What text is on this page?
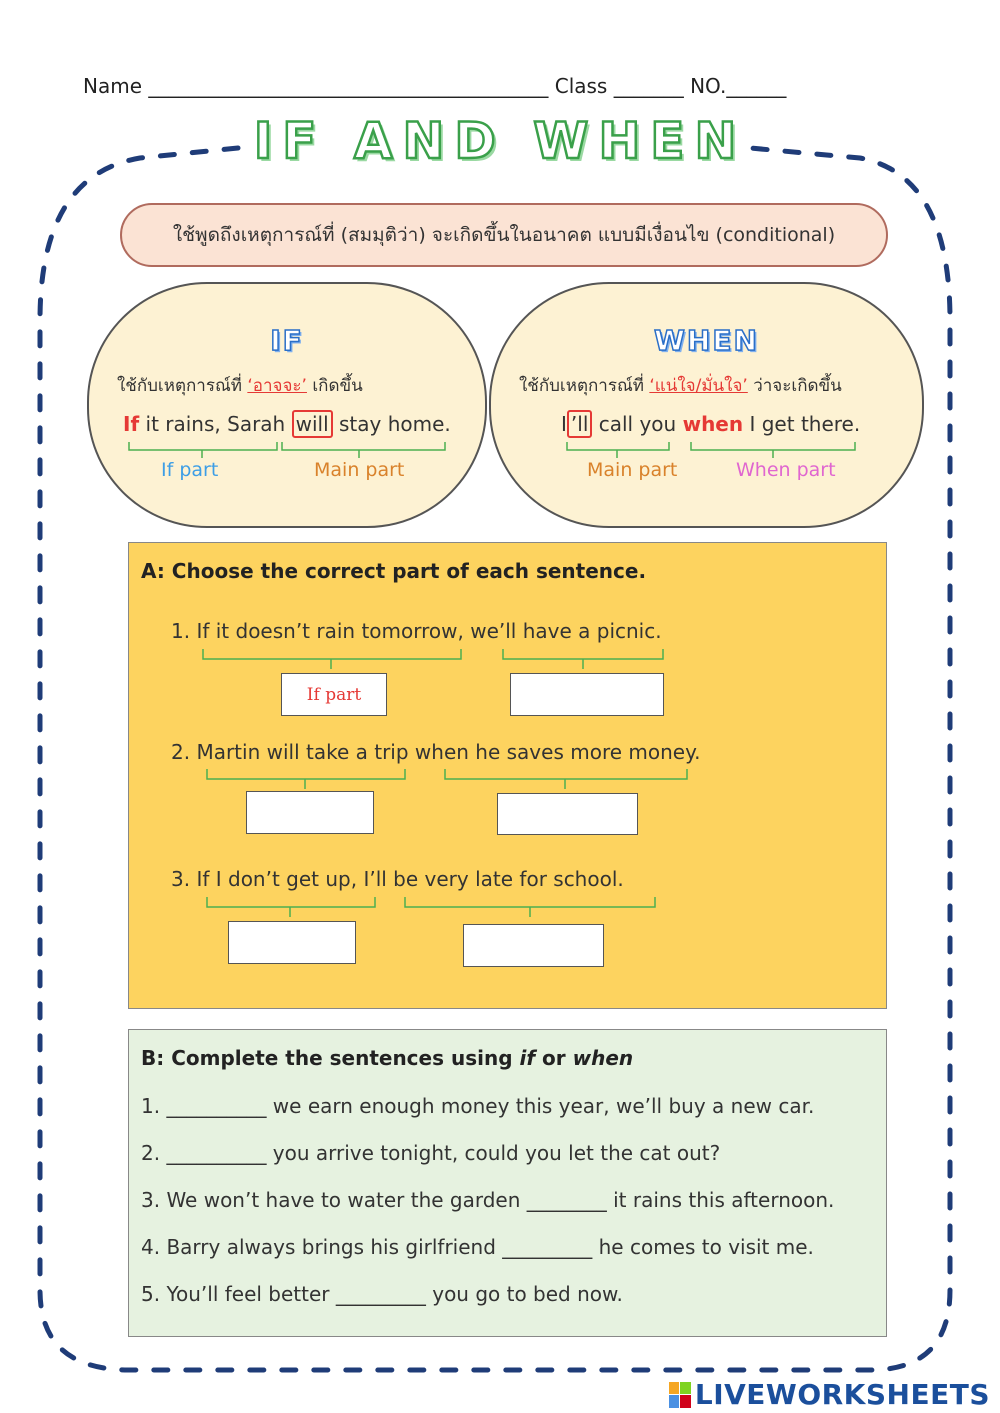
Name ________________________________________ Class _______ NO.______
IF AND WHEN
ใช้พูดถึงเหตุการณ์ที่ (สมมุติว่า) จะเกิดขึ้นในอนาคต แบบมีเงื่อนไข (conditional)
IF
ใช้กับเหตุการณ์ที่ ‘อาจจะ’ เกิดขึ้น
If it rains, Sarah will stay home.
If part	Main part
WHEN
ใช้กับเหตุการณ์ที่ ‘แน่ใจ/มั่นใจ’ ว่าจะเกิดขึ้น
I ’ll call you when I get there.
Main part	When part
A: Choose the correct part of each sentence.
1. If it doesn’t rain tomorrow, we’ll have a picnic.
If part
2. Martin will take a trip when he saves more money.
3. If I don’t get up, I’ll be very late for school.
B: Complete the sentences using if or when
1. __________ we earn enough money this year, we’ll buy a new car.
2. __________ you arrive tonight, could you let the cat out?
3. We won’t have to water the garden ________ it rains this afternoon.
4. Barry always brings his girlfriend _________ he comes to visit me.
5. You’ll feel better _________ you go to bed now.
LIVEWORKSHEETS
